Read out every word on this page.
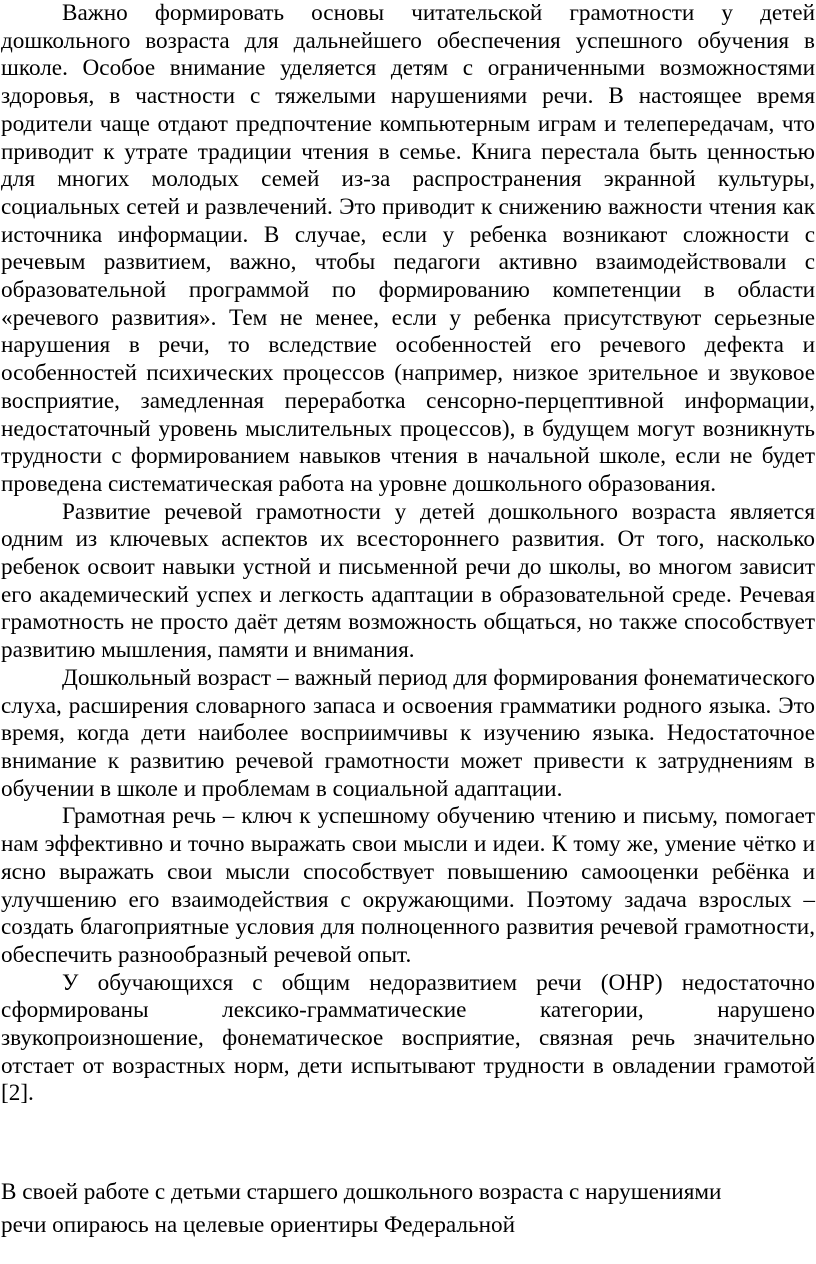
Важно формировать основы читательской грамотности у детей дошкольного возраста для дальнейшего обеспечения успешного обучения в школе. Особое внимание уделяется детям с ограниченными возможностями здоровья, в частности с тяжелыми нарушениями речи. В настоящее время родители чаще отдают предпочтение компьютерным играм и телепередачам, что приводит к утрате традиции чтения в семье. Книга перестала быть ценностью для многих молодых семей из-за распространения экранной культуры, социальных сетей и развлечений. Это приводит к снижению важности чтения как источника информации. В случае, если у ребенка возникают сложности с речевым развитием, важно, чтобы педагоги активно взаимодействовали с образовательной программой по формированию компетенции в области «речевого развития». Тем не менее, если у ребенка присутствуют серьезные нарушения в речи, то вследствие особенностей его речевого дефекта и особенностей психических процессов (например, низкое зрительное и звуковое восприятие, замедленная переработка сенсорно-перцептивной информации, недостаточный уровень мыслительных процессов), в будущем могут возникнуть трудности с формированием навыков чтения в начальной школе, если не будет проведена систематическая работа на уровне дошкольного образования.

Развитие речевой грамотности у детей дошкольного возраста является одним из ключевых аспектов их всестороннего развития. От того, насколько ребенок освоит навыки устной и письменной речи до школы, во многом зависит его академический успех и легкость адаптации в образовательной среде. Речевая грамотность не просто даёт детям возможность общаться, но также способствует развитию мышления, памяти и внимания.

Дошкольный возраст – важный период для формирования фонематического слуха, расширения словарного запаса и освоения грамматики родного языка. Это время, когда дети наиболее восприимчивы к изучению языка. Недостаточное внимание к развитию речевой грамотности может привести к затруднениям в обучении в школе и проблемам в социальной адаптации.

Грамотная речь – ключ к успешному обучению чтению и письму, помогает нам эффективно и точно выражать свои мысли и идеи. К тому же, умение чётко и ясно выражать свои мысли способствует повышению самооценки ребёнка и улучшению его взаимодействия с окружающими. Поэтому задача взрослых – создать благоприятные условия для полноценного развития речевой грамотности, обеспечить разнообразный речевой опыт.

У обучающихся с общим недоразвитием речи (ОНР) недостаточно сформированы лексико-грамматические категории, нарушено звукопроизношение, фонематическое восприятие, связная речь значительно отстает от возрастных норм, дети испытывают трудности в овладении грамотой [2].

В своей работе с детьми старшего дошкольного возраста с нарушениями

речи опираюсь на целевые ориентиры Федеральной
